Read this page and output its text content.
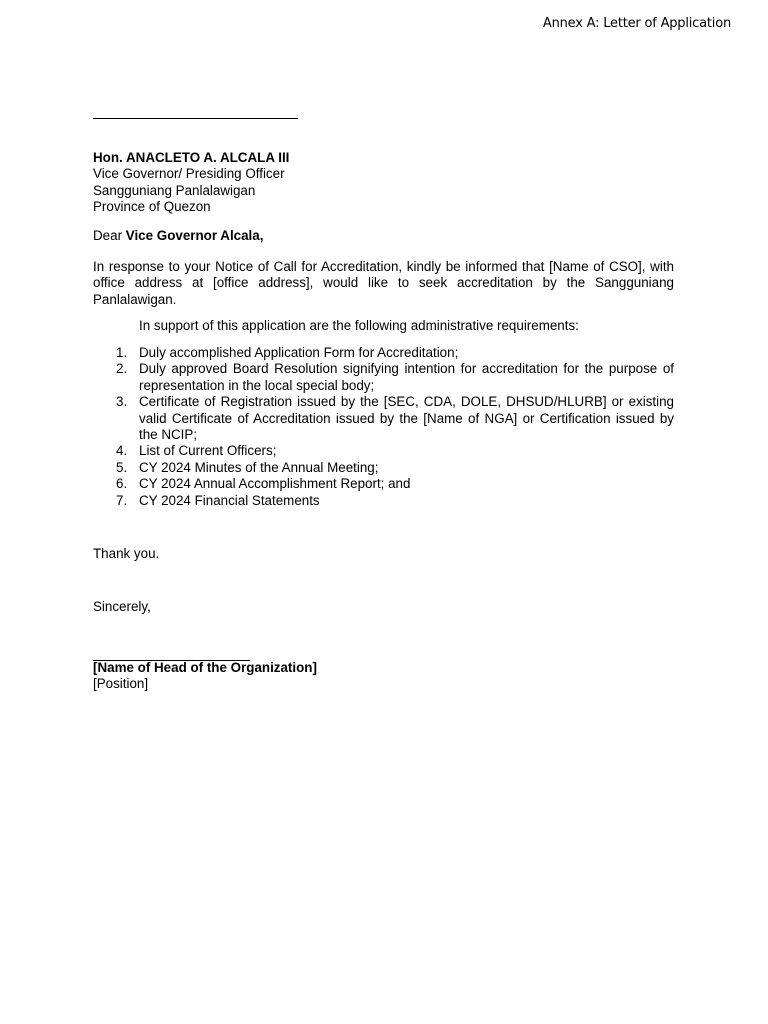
Annex A: Letter of Application
Hon. ANACLETO A. ALCALA III
Vice Governor/ Presiding Officer
Sangguniang Panlalawigan
Province of Quezon
Dear Vice Governor Alcala,
In response to your Notice of Call for Accreditation, kindly be informed that [Name of CSO], with office address at [office address], would like to seek accreditation by the Sangguniang Panlalawigan.
In support of this application are the following administrative requirements:
1. Duly accomplished Application Form for Accreditation;
2. Duly approved Board Resolution signifying intention for accreditation for the purpose of representation in the local special body;
3. Certificate of Registration issued by the [SEC, CDA, DOLE, DHSUD/HLURB] or existing valid Certificate of Accreditation issued by the [Name of NGA] or Certification issued by the NCIP;
4. List of Current Officers;
5. CY 2024 Minutes of the Annual Meeting;
6. CY 2024 Annual Accomplishment Report; and
7. CY 2024 Financial Statements
Thank you.
Sincerely,
[Name of Head of the Organization]
[Position]
